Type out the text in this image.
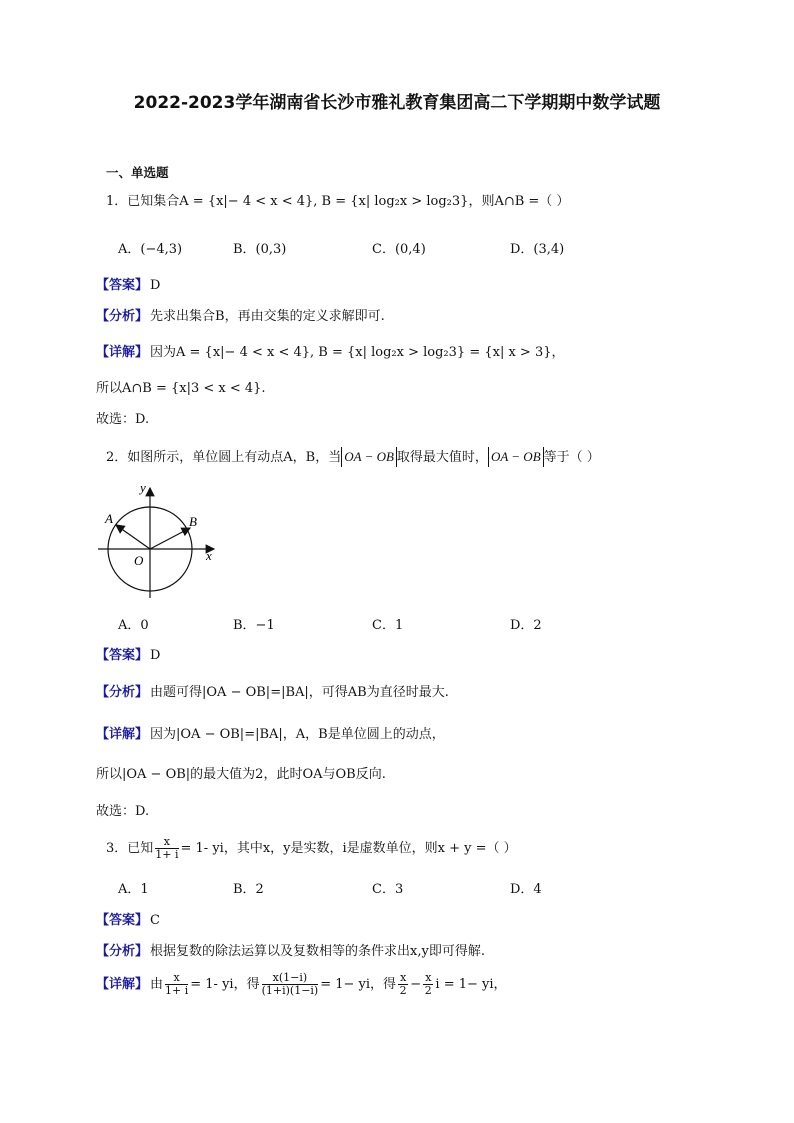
2022-2023学年湖南省长沙市雅礼教育集团高二下学期期中数学试题
一、单选题
1．已知集合A = {x|− 4 < x < 4}, B = {x| log₂x > log₂3}，则A∩B =（ ）
A．(−4,3)	B．(0,3)	C．(0,4)	D．(3,4)
【答案】 D
【分析】 先求出集合B，再由交集的定义求解即可.
【详解】 因为A = {x|− 4 < x < 4}, B = {x| log₂x > log₂3} = {x| x > 3}，
所以A∩B = {x|3 < x < 4}.
故选：D.
2．如图所示，单位圆上有动点A，B，当 OA − OB 取得最大值时， OA − OB 等于（ ）
y
x
O
A	B
A．0	B．−1	C．1	D．2
【答案】 D
【分析】 由题可得|OA − OB|=|BA|，可得AB为直径时最大.
【详解】 因为|OA − OB|=|BA|，A，B是单位圆上的动点，
所以|OA − OB|的最大值为2，此时OA与OB反向.
故选：D.
3．已知 $\frac{x}{1+ i} = 1-$ yi，其中x，y是实数，i是虚数单位，则x + y =（ ）
A．1	B．2	C．3	D．4
【答案】 C
【分析】 根据复数的除法运算以及复数相等的条件求出x,y即可得解.
【详解】 由 $\frac{x}{1+ i} = 1-$ yi，得 $\frac{x(1-i)}{(1+i)(1-i)} = 1-$ yi，得 $\frac{x}{2} - \frac{x}{2}$ i = 1− yi，
